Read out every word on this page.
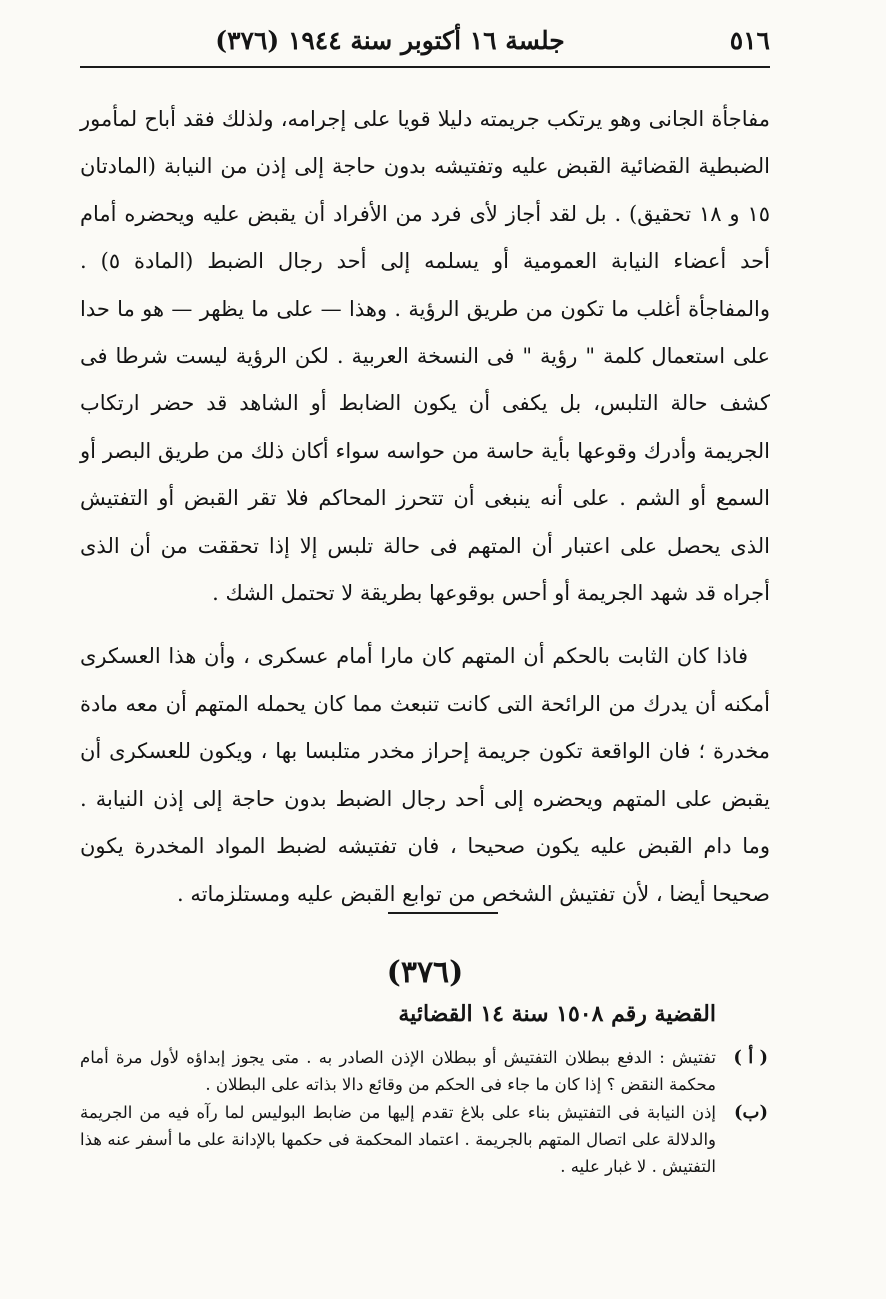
٥١٦
جلسة ١٦ أكتوبر سنة ١٩٤٤ (٣٧٦)

مفاجأة الجانى وهو يرتكب جريمته دليلا قويا على إجرامه، ولذلك فقد أباح لمأمور الضبطية القضائية القبض عليه وتفتيشه بدون حاجة إلى إذن من النيابة (المادتان ١٥ و ١٨ تحقيق) . بل لقد أجاز لأى فرد من الأفراد أن يقبض عليه ويحضره أمام أحد أعضاء النيابة العمومية أو يسلمه إلى أحد رجال الضبط (المادة ٥) . والمفاجأة أغلب ما تكون من طريق الرؤية . وهذا — على ما يظهر — هو ما حدا على استعمال كلمة " رؤية " فى النسخة العربية . لكن الرؤية ليست شرطا فى كشف حالة التلبس، بل يكفى أن يكون الضابط أو الشاهد قد حضر ارتكاب الجريمة وأدرك وقوعها بأية حاسة من حواسه سواء أكان ذلك من طريق البصر أو السمع أو الشم . على أنه ينبغى أن تتحرز المحاكم فلا تقر القبض أو التفتيش الذى يحصل على اعتبار أن المتهم فى حالة تلبس إلا إذا تحققت من أن الذى أجراه قد شهد الجريمة أو أحس بوقوعها بطريقة لا تحتمل الشك .

فاذا كان الثابت بالحكم أن المتهم كان مارا أمام عسكرى ، وأن هذا العسكرى أمكنه أن يدرك من الرائحة التى كانت تنبعث مما كان يحمله المتهم أن معه مادة مخدرة ؛ فان الواقعة تكون جريمة إحراز مخدر متلبسا بها ، ويكون للعسكرى أن يقبض على المتهم ويحضره إلى أحد رجال الضبط بدون حاجة إلى إذن النيابة . وما دام القبض عليه يكون صحيحا ، فان تفتيشه لضبط المواد المخدرة يكون صحيحا أيضا ، لأن تفتيش الشخص من توابع القبض عليه ومستلزماته .

(٣٧٦)
القضية رقم ١٥٠٨ سنة ١٤ القضائية
( أ )
تفتيش : الدفع ببطلان التفتيش أو ببطلان الإذن الصادر به . متى يجوز إبداؤه لأول مرة أمام محكمة النقض ؟ إذا كان ما جاء فى الحكم من وقائع دالا بذاته على البطلان .
(ب)
إذن النيابة فى التفتيش بناء على بلاغ تقدم إليها من ضابط البوليس لما رآه فيه من الجريمة والدلالة على اتصال المتهم بالجريمة . اعتماد المحكمة فى حكمها بالإدانة على ما أسفر عنه هذا التفتيش . لا غبار عليه .
